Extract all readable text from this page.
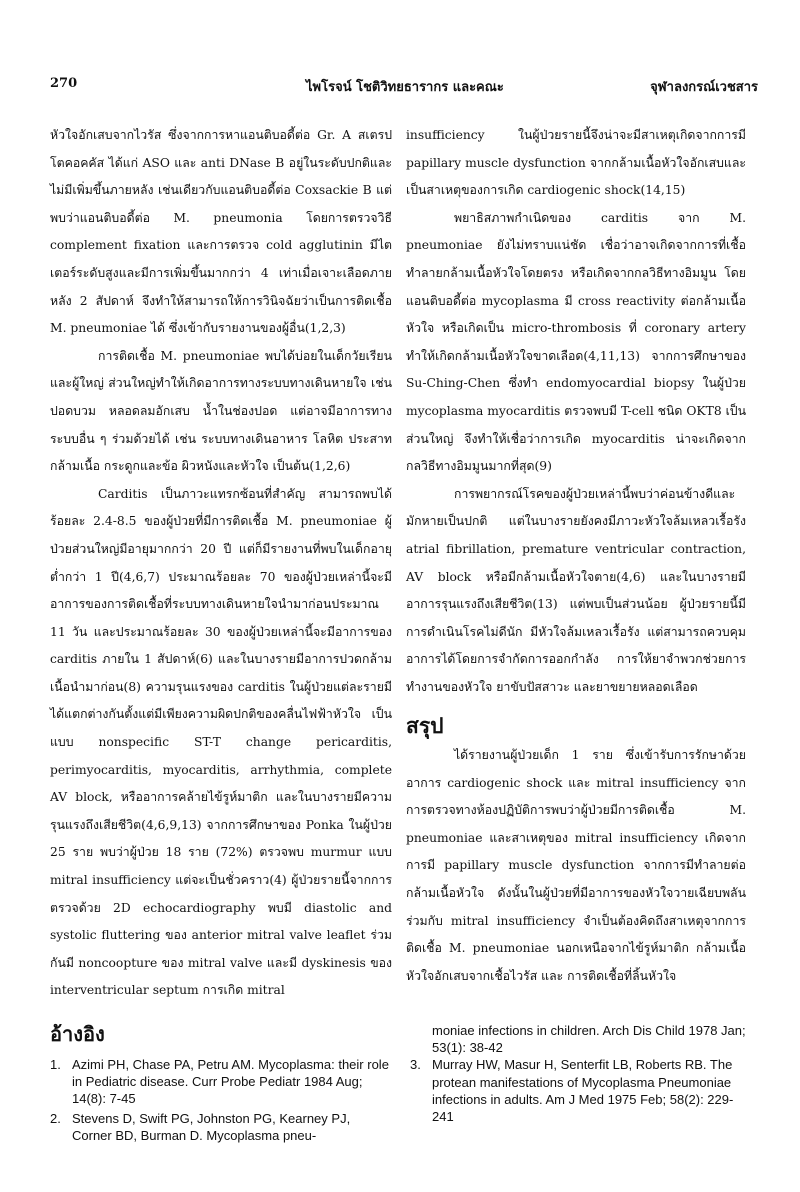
270	ไพโรจน์ โชติวิทยธารากร และคณะ	จุฬาลงกรณ์เวชสาร

หัวใจอักเสบจากไวรัส ซึ่งจากการหาแอนติบอดี้ต่อ Gr. A สเตรปโตคอคคัส ได้แก่ ASO และ anti DNase B อยู่ในระดับปกติและไม่มีเพิ่มขึ้นภายหลัง เช่นเดียวกับแอนติบอดี้ต่อ Coxsackie B แต่พบว่าแอนติบอดี้ต่อ M. pneumonia โดยการตรวจวิธี complement fixation และการตรวจ cold agglutinin มีไตเตอร์ระดับสูงและมีการเพิ่มขึ้นมากกว่า 4 เท่าเมื่อเจาะเลือดภายหลัง 2 สัปดาห์ จึงทำให้สามารถให้การวินิจฉัยว่าเป็นการติดเชื้อ M. pneumoniae ได้ ซึ่งเข้ากับรายงานของผู้อื่น(1,2,3)

การติดเชื้อ M. pneumoniae พบได้บ่อยในเด็กวัยเรียนและผู้ใหญ่ ส่วนใหญ่ทำให้เกิดอาการทางระบบทางเดินหายใจ เช่น ปอดบวม หลอดลมอักเสบ น้ำในช่องปอด แต่อาจมีอาการทางระบบอื่น ๆ ร่วมด้วยได้ เช่น ระบบทางเดินอาหาร โลหิต ประสาท กล้ามเนื้อ กระดูกและข้อ ผิวหนังและหัวใจ เป็นต้น(1,2,6)

Carditis เป็นภาวะแทรกซ้อนที่สำคัญ สามารถพบได้ร้อยละ 2.4-8.5 ของผู้ป่วยที่มีการติดเชื้อ M. pneumoniae ผู้ป่วยส่วนใหญ่มีอายุมากกว่า 20 ปี แต่ก็มีรายงานที่พบในเด็กอายุต่ำกว่า 1 ปี(4,6,7) ประมาณร้อยละ 70 ของผู้ป่วยเหล่านี้จะมีอาการของการติดเชื้อที่ระบบทางเดินหายใจนำมาก่อนประมาณ 11 วัน และประมาณร้อยละ 30 ของผู้ป่วยเหล่านี้จะมีอาการของ carditis ภายใน 1 สัปดาห์(6) และในบางรายมีอาการปวดกล้ามเนื้อนำมาก่อน(8) ความรุนแรงของ carditis ในผู้ป่วยแต่ละรายมีได้แตกต่างกันตั้งแต่มีเพียงความผิดปกติของคลื่นไฟฟ้าหัวใจ เป็นแบบ nonspecific ST-T change pericarditis, perimyocarditis, myocarditis, arrhythmia, complete AV block, หรืออาการคล้ายไข้รูห์มาติก และในบางรายมีความรุนแรงถึงเสียชีวิต(4,6,9,13) จากการศึกษาของ Ponka ในผู้ป่วย 25 ราย พบว่าผู้ป่วย 18 ราย (72%) ตรวจพบ murmur แบบ mitral insufficiency แต่จะเป็นชั่วคราว(4) ผู้ป่วยรายนี้จากการตรวจด้วย 2D echocardiography พบมี diastolic and systolic fluttering ของ anterior mitral valve leaflet ร่วมกันมี noncoopture ของ mitral valve และมี dyskinesis ของ interventricular septum การเกิด mitral

insufficiency ในผู้ป่วยรายนี้จึงน่าจะมีสาเหตุเกิดจากการมี papillary muscle dysfunction จากกล้ามเนื้อหัวใจอักเสบและเป็นสาเหตุของการเกิด cardiogenic shock(14,15)

พยาธิสภาพกำเนิดของ carditis จาก M. pneumoniae ยังไม่ทราบแน่ชัด เชื่อว่าอาจเกิดจากการที่เชื้อทำลายกล้ามเนื้อหัวใจโดยตรง หรือเกิดจากกลวิธีทางอิมมูน โดยแอนติบอดี้ต่อ mycoplasma มี cross reactivity ต่อกล้ามเนื้อหัวใจ หรือเกิดเป็น micro-thrombosis ที่ coronary artery ทำให้เกิดกล้ามเนื้อหัวใจขาดเลือด(4,11,13) จากการศึกษาของ Su-Ching-Chen ซึ่งทำ endomyocardial biopsy ในผู้ป่วย mycoplasma myocarditis ตรวจพบมี T-cell ชนิด OKT8 เป็นส่วนใหญ่ จึงทำให้เชื่อว่าการเกิด myocarditis น่าจะเกิดจากกลวิธีทางอิมมูนมากที่สุด(9)

การพยากรณ์โรคของผู้ป่วยเหล่านี้พบว่าค่อนข้างดีและมักหายเป็นปกติ แต่ในบางรายยังคงมีภาวะหัวใจล้มเหลวเรื้อรัง atrial fibrillation, premature ventricular contraction, AV block หรือมีกล้ามเนื้อหัวใจตาย(4,6) และในบางรายมีอาการรุนแรงถึงเสียชีวิต(13) แต่พบเป็นส่วนน้อย ผู้ป่วยรายนี้มีการดำเนินโรคไม่ดีนัก มีหัวใจล้มเหลวเรื้อรัง แต่สามารถควบคุมอาการได้โดยการจำกัดการออกกำลัง การให้ยาจำพวกช่วยการทำงานของหัวใจ ยาขับปัสสาวะ และยาขยายหลอดเลือด

สรุป

ได้รายงานผู้ป่วยเด็ก 1 ราย ซึ่งเข้ารับการรักษาด้วยอาการ cardiogenic shock และ mitral insufficiency จากการตรวจทางห้องปฏิบัติการพบว่าผู้ป่วยมีการติดเชื้อ M. pneumoniae และสาเหตุของ mitral insufficiency เกิดจากการมี papillary muscle dysfunction จากการมีทำลายต่อกล้ามเนื้อหัวใจ ดังนั้นในผู้ป่วยที่มีอาการของหัวใจวายเฉียบพลันร่วมกับ mitral insufficiency จำเป็นต้องคิดถึงสาเหตุจากการติดเชื้อ M. pneumoniae นอกเหนือจากไข้รูห์มาติก กล้ามเนื้อหัวใจอักเสบจากเชื้อไวรัส และ การติดเชื้อที่ลิ้นหัวใจ

อ้างอิง
1. Azimi PH, Chase PA, Petru AM. Mycoplasma: their role in Pediatric disease. Curr Probe Pediatr 1984 Aug; 14(8): 7-45
2. Stevens D, Swift PG, Johnston PG, Kearney PJ, Corner BD, Burman D. Mycoplasma pneu-
moniae infections in children. Arch Dis Child 1978 Jan; 53(1): 38-42
3. Murray HW, Masur H, Senterfit LB, Roberts RB. The protean manifestations of Mycoplasma Pneumoniae infections in adults. Am J Med 1975 Feb; 58(2): 229-241
